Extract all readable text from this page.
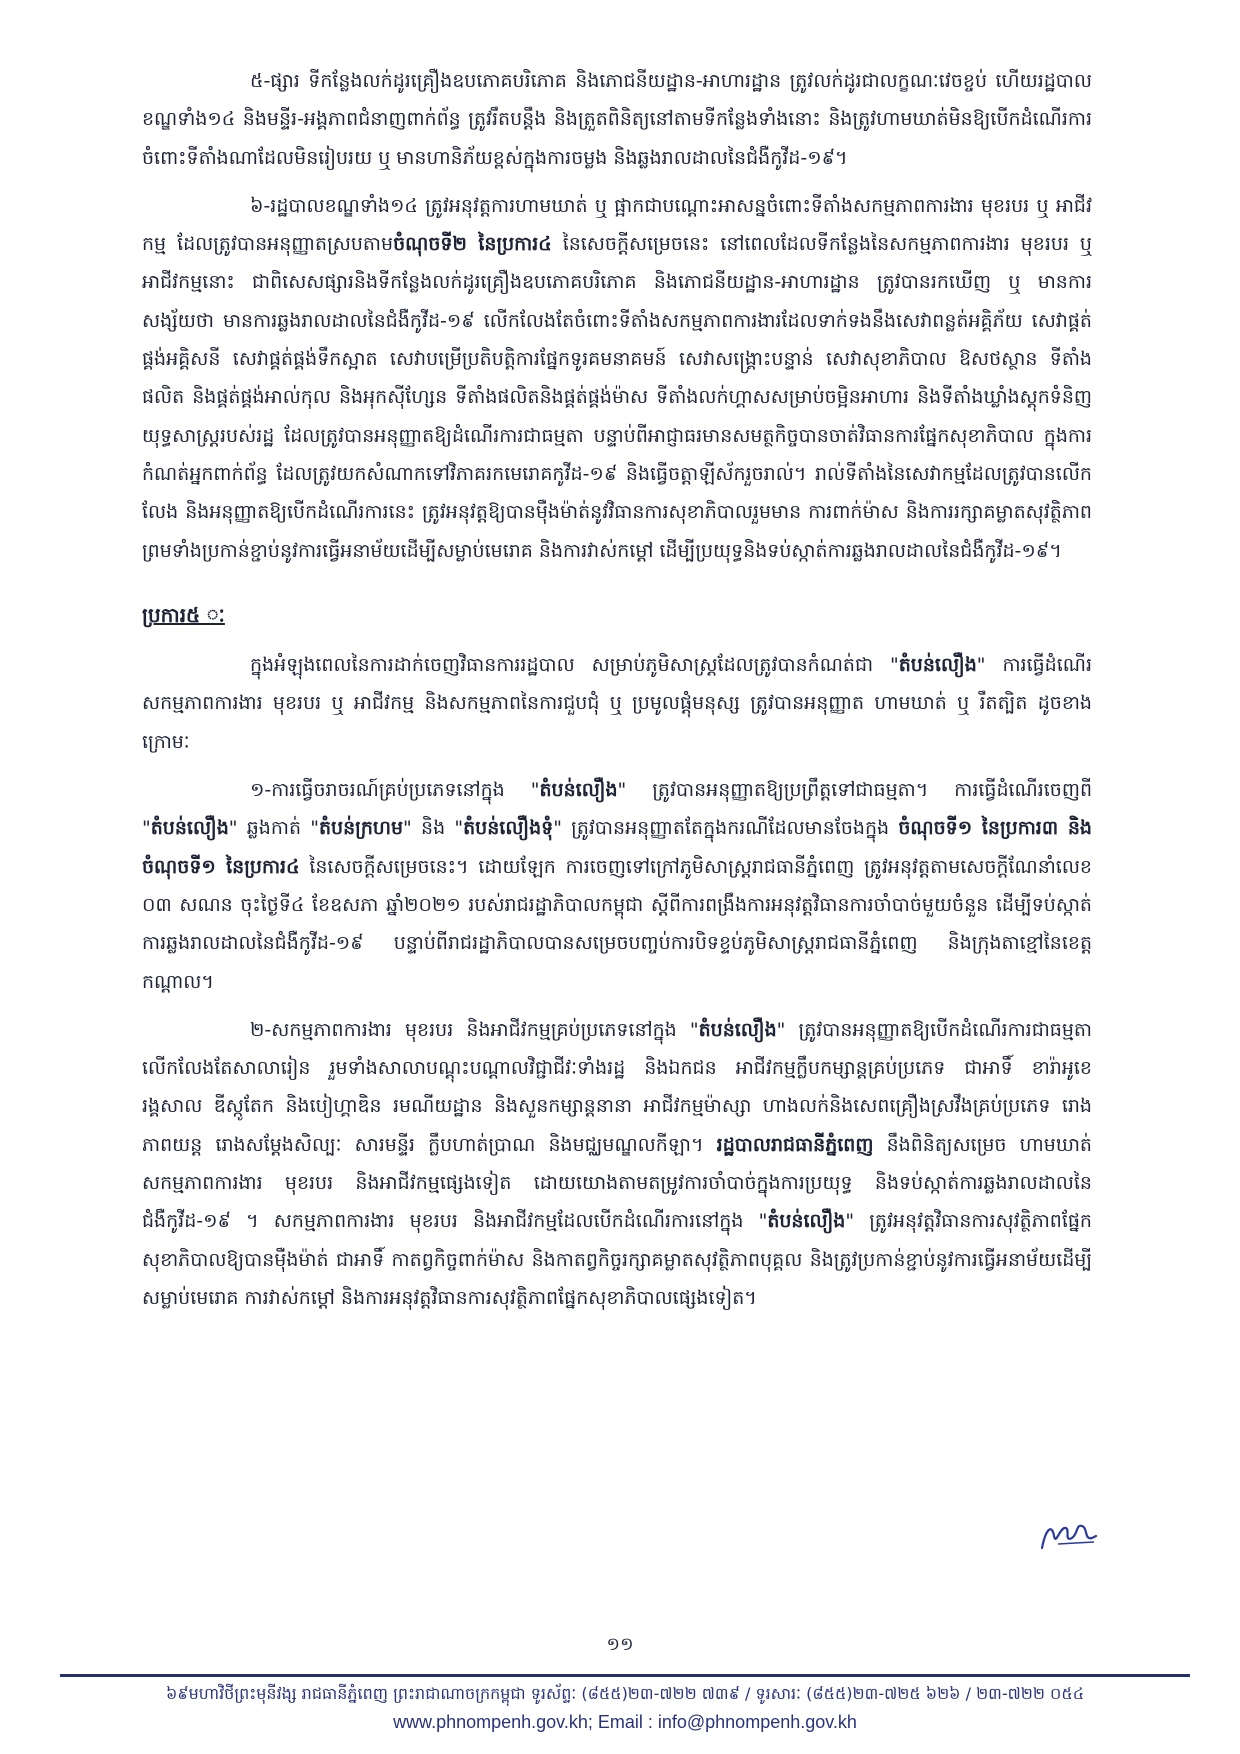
៥-ផ្សារ ទីកន្លែងលក់ដូរគ្រឿងឧបភោគបរិភោគ និងភោជនីយដ្ឋាន-អាហារដ្ឋាន ត្រូវលក់ដូរជាលក្ខណៈវេចខ្ចប់ ហើយរដ្ឋបាលខណ្ឌទាំង១៤ និងមន្ទីរ-អង្គភាពជំនាញពាក់ព័ន្ធ ត្រូវរឹតបន្តឹង និងត្រួតពិនិត្យនៅតាមទីកន្លែងទាំងនោះ និងត្រូវហាមឃាត់មិនឱ្យបើកដំណើរការចំពោះទីតាំងណាដែលមិនរៀបរយ ឬ មានហានិភ័យខ្ពស់ក្នុងការចម្លង និងឆ្លងរាលដាលនៃជំងឺកូវីដ-១៩។

៦-រដ្ឋបាលខណ្ឌទាំង១៤ ត្រូវអនុវត្តការហាមឃាត់ ឬ ផ្អាកជាបណ្តោះអាសន្នចំពោះទីតាំងសកម្មភាពការងារ មុខរបរ ឬ អាជីវកម្ម ដែលត្រូវបានអនុញ្ញាតស្របតាមចំណុចទី២ នៃប្រការ៤ នៃសេចក្តីសម្រេចនេះ នៅពេលដែលទីកន្លែងនៃសកម្មភាពការងារ មុខរបរ ឬ អាជីវកម្មនោះ ជាពិសេសផ្សារនិងទីកន្លែងលក់ដូរគ្រឿងឧបភោគបរិភោគ និងភោជនីយដ្ឋាន-អាហារដ្ឋាន ត្រូវបានរកឃើញ ឬ មានការសង្ស័យថា មានការឆ្លងរាលដាលនៃជំងឺកូវីដ-១៩ លើកលែងតែចំពោះទីតាំងសកម្មភាពការងារដែលទាក់ទងនឹងសេវាពន្លត់អគ្គិភ័យ សេវាផ្គត់ផ្គង់អគ្គិសនី សេវាផ្គត់ផ្គង់ទឹកស្អាត សេវាបម្រើប្រតិបត្តិការផ្នែកទូរគមនាគមន៍ សេវាសង្គ្រោះបន្ទាន់ សេវាសុខាភិបាល ឱសថស្ថាន ទីតាំងផលិត និងផ្គត់ផ្គង់អាល់កុល និងអុកស៊ីហ្សែន ទីតាំងផលិតនិងផ្គត់ផ្គង់ម៉ាស ទីតាំងលក់ហ្គាសសម្រាប់ចម្អិនអាហារ និងទីតាំងឃ្លាំងស្តុកទំនិញយុទ្ធសាស្ត្ររបស់រដ្ឋ ដែលត្រូវបានអនុញ្ញាតឱ្យដំណើរការជាធម្មតា បន្ទាប់ពីអាជ្ញាធរមានសមត្ថកិច្ចបានចាត់វិធានការផ្នែកសុខាភិបាល ក្នុងការកំណត់អ្នកពាក់ព័ន្ធ ដែលត្រូវយកសំណាកទៅវិភាគរកមេរោគកូវីដ-១៩ និងធ្វើចត្តាឡីស័ករួចរាល់។ រាល់ទីតាំងនៃសេវាកម្មដែលត្រូវបានលើកលែង និងអនុញ្ញាតឱ្យបើកដំណើរការនេះ ត្រូវអនុវត្តឱ្យបានម៉ឺងម៉ាត់នូវវិធានការសុខាភិបាលរួមមាន ការពាក់ម៉ាស និងការរក្សាគម្លាតសុវត្ថិភាព ព្រមទាំងប្រកាន់ខ្ជាប់នូវការធ្វើអនាម័យដើម្បីសម្លាប់មេរោគ និងការវាស់កម្តៅ ដើម្បីប្រយុទ្ធនិងទប់ស្កាត់ការឆ្លងរាលដាលនៃជំងឺកូវីដ-១៩។

ប្រការ៥ ៈ

ក្នុងអំឡុងពេលនៃការដាក់ចេញវិធានការរដ្ឋបាល សម្រាប់ភូមិសាស្ត្រដែលត្រូវបានកំណត់ជា "តំបន់លឿង" ការធ្វើដំណើរ សកម្មភាពការងារ មុខរបរ ឬ អាជីវកម្ម និងសកម្មភាពនៃការជួបជុំ ឬ ប្រមូលផ្តុំមនុស្ស ត្រូវបានអនុញ្ញាត ហាមឃាត់ ឬ រឹតត្បិត ដូចខាងក្រោមៈ

១-ការធ្វើចរាចរណ៍គ្រប់ប្រភេទនៅក្នុង "តំបន់លឿង" ត្រូវបានអនុញ្ញាតឱ្យប្រព្រឹត្តទៅជាធម្មតា។ ការធ្វើដំណើរចេញពី "តំបន់លឿង" ឆ្លងកាត់ "តំបន់ក្រហម" និង "តំបន់លឿងទុំ" ត្រូវបានអនុញ្ញាតតែក្នុងករណីដែលមានចែងក្នុង ចំណុចទី១ នៃប្រការ៣ និងចំណុចទី១ នៃប្រការ៤ នៃសេចក្តីសម្រេចនេះ។ ដោយឡែក ការចេញទៅក្រៅភូមិសាស្ត្ររាជធានីភ្នំពេញ ត្រូវអនុវត្តតាមសេចក្តីណែនាំលេខ ០៣ សណន ចុះថ្ងៃទី៤ ខែឧសភា ឆ្នាំ២០២១ របស់រាជរដ្ឋាភិបាលកម្ពុជា ស្តីពីការពង្រឹងការអនុវត្តវិធានការចាំបាច់មួយចំនួន ដើម្បីទប់ស្កាត់ការឆ្លងរាលដាលនៃជំងឺកូវីដ-១៩ បន្ទាប់ពីរាជរដ្ឋាភិបាលបានសម្រេចបញ្ចប់ការបិទខ្ទប់ភូមិសាស្ត្ររាជធានីភ្នំពេញ និងក្រុងតាខ្មៅនៃខេត្តកណ្តាល។

២-សកម្មភាពការងារ មុខរបរ និងអាជីវកម្មគ្រប់ប្រភេទនៅក្នុង "តំបន់លឿង" ត្រូវបានអនុញ្ញាតឱ្យបើកដំណើរការជាធម្មតា លើកលែងតែសាលារៀន រួមទាំងសាលាបណ្តុះបណ្តាលវិជ្ជាជីវៈទាំងរដ្ឋ និងឯកជន អាជីវកម្មក្លឹបកម្សាន្តគ្រប់ប្រភេទ ជាអាទិ៍ ខារ៉ាអូខេ រង្គសាល ឌីស្កូតែក និងបៀហ្គាឌិន រមណីយដ្ឋាន និងសួនកម្សាន្តនានា អាជីវកម្មម៉ាស្សា ហាងលក់និងសេពគ្រឿងស្រវឹងគ្រប់ប្រភេទ រោងភាពយន្ត រោងសម្តែងសិល្បៈ សារមន្ទីរ ក្លឹបហាត់ប្រាណ និងមជ្ឈមណ្ឌលកីឡា។ រដ្ឋបាលរាជធានីភ្នំពេញ នឹងពិនិត្យសម្រេច ហាមឃាត់សកម្មភាពការងារ មុខរបរ និងអាជីវកម្មផ្សេងទៀត ដោយយោងតាមតម្រូវការចាំបាច់ក្នុងការប្រយុទ្ធ និងទប់ស្កាត់ការឆ្លងរាលដាលនៃជំងឺកូវីដ-១៩ ។ សកម្មភាពការងារ មុខរបរ និងអាជីវកម្មដែលបើកដំណើរការនៅក្នុង "តំបន់លឿង" ត្រូវអនុវត្តវិធានការសុវត្ថិភាពផ្នែកសុខាភិបាលឱ្យបានម៉ឺងម៉ាត់ ជាអាទិ៍ កាតព្វកិច្ចពាក់ម៉ាស និងកាតព្វកិច្ចរក្សាគម្លាតសុវត្ថិភាពបុគ្គល និងត្រូវប្រកាន់ខ្ជាប់នូវការធ្វើអនាម័យដើម្បីសម្លាប់មេរោគ ការវាស់កម្តៅ និងការអនុវត្តវិធានការសុវត្ថិភាពផ្នែកសុខាភិបាលផ្សេងទៀត។

១១
៦៩មហាវិថីព្រះមុនីវង្ស រាជធានីភ្នំពេញ ព្រះរាជាណាចក្រកម្ពុជា ទូរស័ព្ទៈ (៨៥៥)២៣-៧២២ ៧៣៩ / ទូរសារៈ (៨៥៥)២៣-៧២៥ ៦២៦ / ២៣-៧២២ ០៥៤
www.phnompenh.gov.kh; Email : info@phnompenh.gov.kh
